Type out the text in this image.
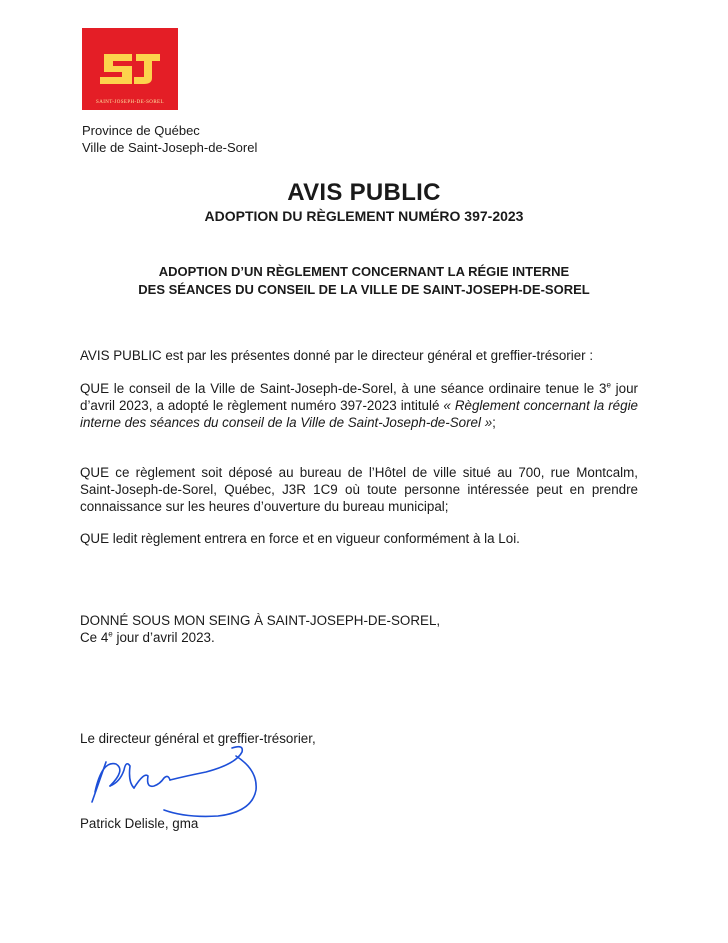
SAINT-JOSEPH-DE-SOREL
Province de Québec
Ville de Saint-Joseph-de-Sorel
AVIS PUBLIC
ADOPTION DU RÈGLEMENT NUMÉRO 397-2023
ADOPTION D’UN RÈGLEMENT CONCERNANT LA RÉGIE INTERNE
DES SÉANCES DU CONSEIL DE LA VILLE DE SAINT-JOSEPH-DE-SOREL
AVIS PUBLIC est par les présentes donné par le directeur général et greffier-trésorier :
QUE le conseil de la Ville de Saint-Joseph-de-Sorel, à une séance ordinaire tenue le 3e jour d’avril 2023, a adopté le règlement numéro 397-2023 intitulé « Règlement concernant la régie interne des séances du conseil de la Ville de Saint-Joseph-de-Sorel »;
QUE ce règlement soit déposé au bureau de l’Hôtel de ville situé au 700, rue Montcalm, Saint-Joseph-de-Sorel, Québec, J3R 1C9 où toute personne intéressée peut en prendre connaissance sur les heures d’ouverture du bureau municipal;
QUE ledit règlement entrera en force et en vigueur conformément à la Loi.
DONNÉ SOUS MON SEING À SAINT-JOSEPH-DE-SOREL,
Ce 4e jour d’avril 2023.
Le directeur général et greffier-trésorier,
Patrick Delisle, gma
